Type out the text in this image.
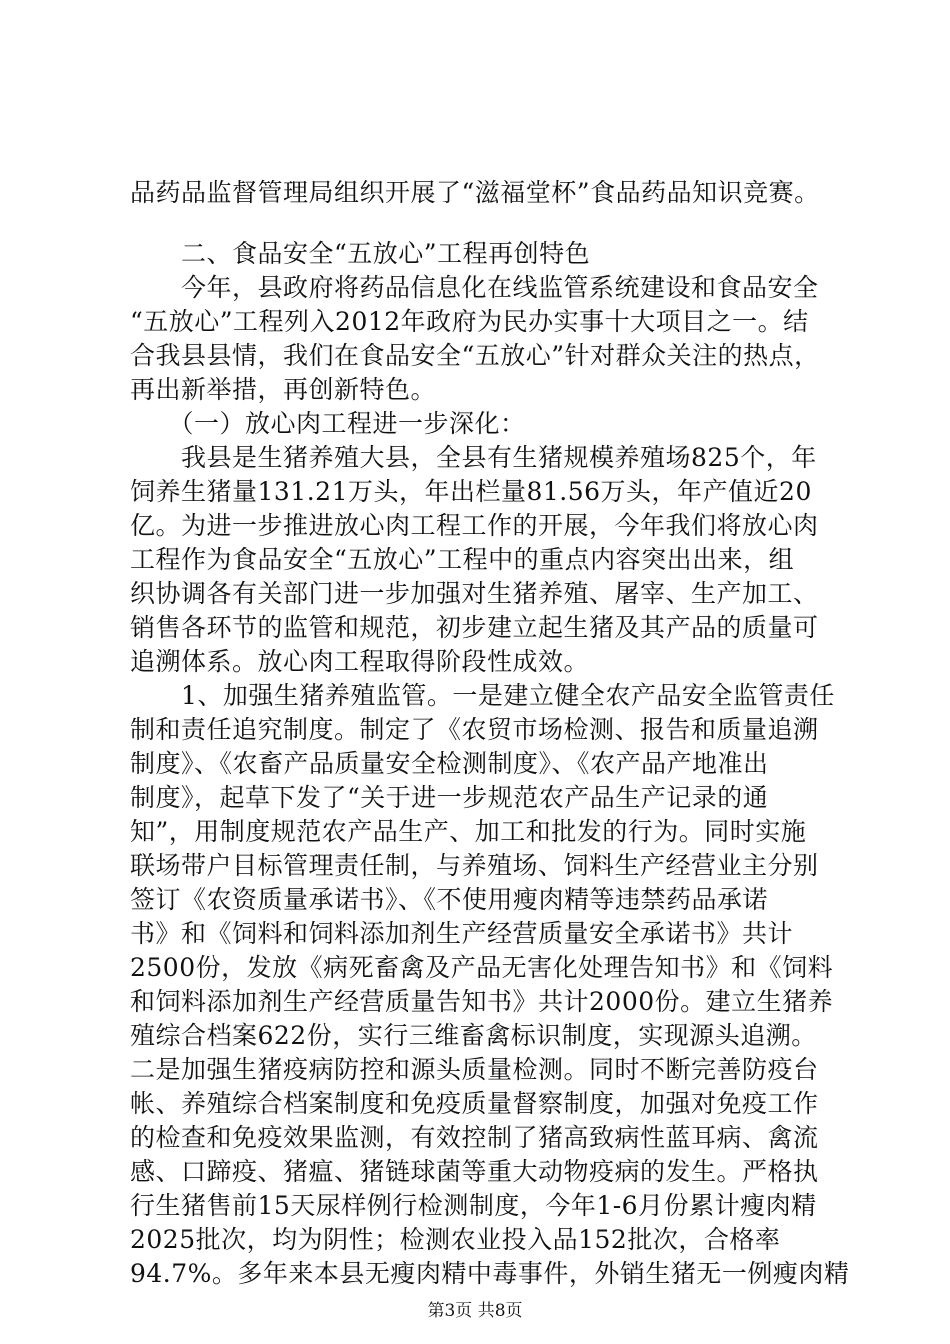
品药品监督管理局组织开展了“滋福堂杯”食品药品知识竞赛。
　　二、食品安全“五放心”工程再创特色
　　今年，县政府将药品信息化在线监管系统建设和食品安全
“五放心”工程列入2012年政府为民办实事十大项目之一。结
合我县县情，我们在食品安全“五放心”针对群众关注的热点，
再出新举措，再创新特色。
　　（一）放心肉工程进一步深化：
　　我县是生猪养殖大县，全县有生猪规模养殖场825个，年
饲养生猪量131.21万头，年出栏量81.56万头，年产值近20
亿。为进一步推进放心肉工程工作的开展，今年我们将放心肉
工程作为食品安全“五放心”工程中的重点内容突出出来，组
织协调各有关部门进一步加强对生猪养殖、屠宰、生产加工、
销售各环节的监管和规范，初步建立起生猪及其产品的质量可
追溯体系。放心肉工程取得阶段性成效。
　　1、加强生猪养殖监管。一是建立健全农产品安全监管责任
制和责任追究制度。制定了《农贸市场检测、报告和质量追溯
制度》、《农畜产品质量安全检测制度》、《农产品产地准出
制度》，起草下发了“关于进一步规范农产品生产记录的通
知”，用制度规范农产品生产、加工和批发的行为。同时实施
联场带户目标管理责任制，与养殖场、饲料生产经营业主分别
签订《农资质量承诺书》、《不使用瘦肉精等违禁药品承诺
书》和《饲料和饲料添加剂生产经营质量安全承诺书》共计
2500份，发放《病死畜禽及产品无害化处理告知书》和《饲料
和饲料添加剂生产经营质量告知书》共计2000份。建立生猪养
殖综合档案622份，实行三维畜禽标识制度，实现源头追溯。
二是加强生猪疫病防控和源头质量检测。同时不断完善防疫台
帐、养殖综合档案制度和免疫质量督察制度，加强对免疫工作
的检查和免疫效果监测，有效控制了猪高致病性蓝耳病、禽流
感、口蹄疫、猪瘟、猪链球菌等重大动物疫病的发生。严格执
行生猪售前15天尿样例行检测制度，今年1-6月份累计瘦肉精
2025批次，均为阴性；检测农业投入品152批次，合格率
94.7%。多年来本县无瘦肉精中毒事件，外销生猪无一例瘦肉精
第3页 共8页
